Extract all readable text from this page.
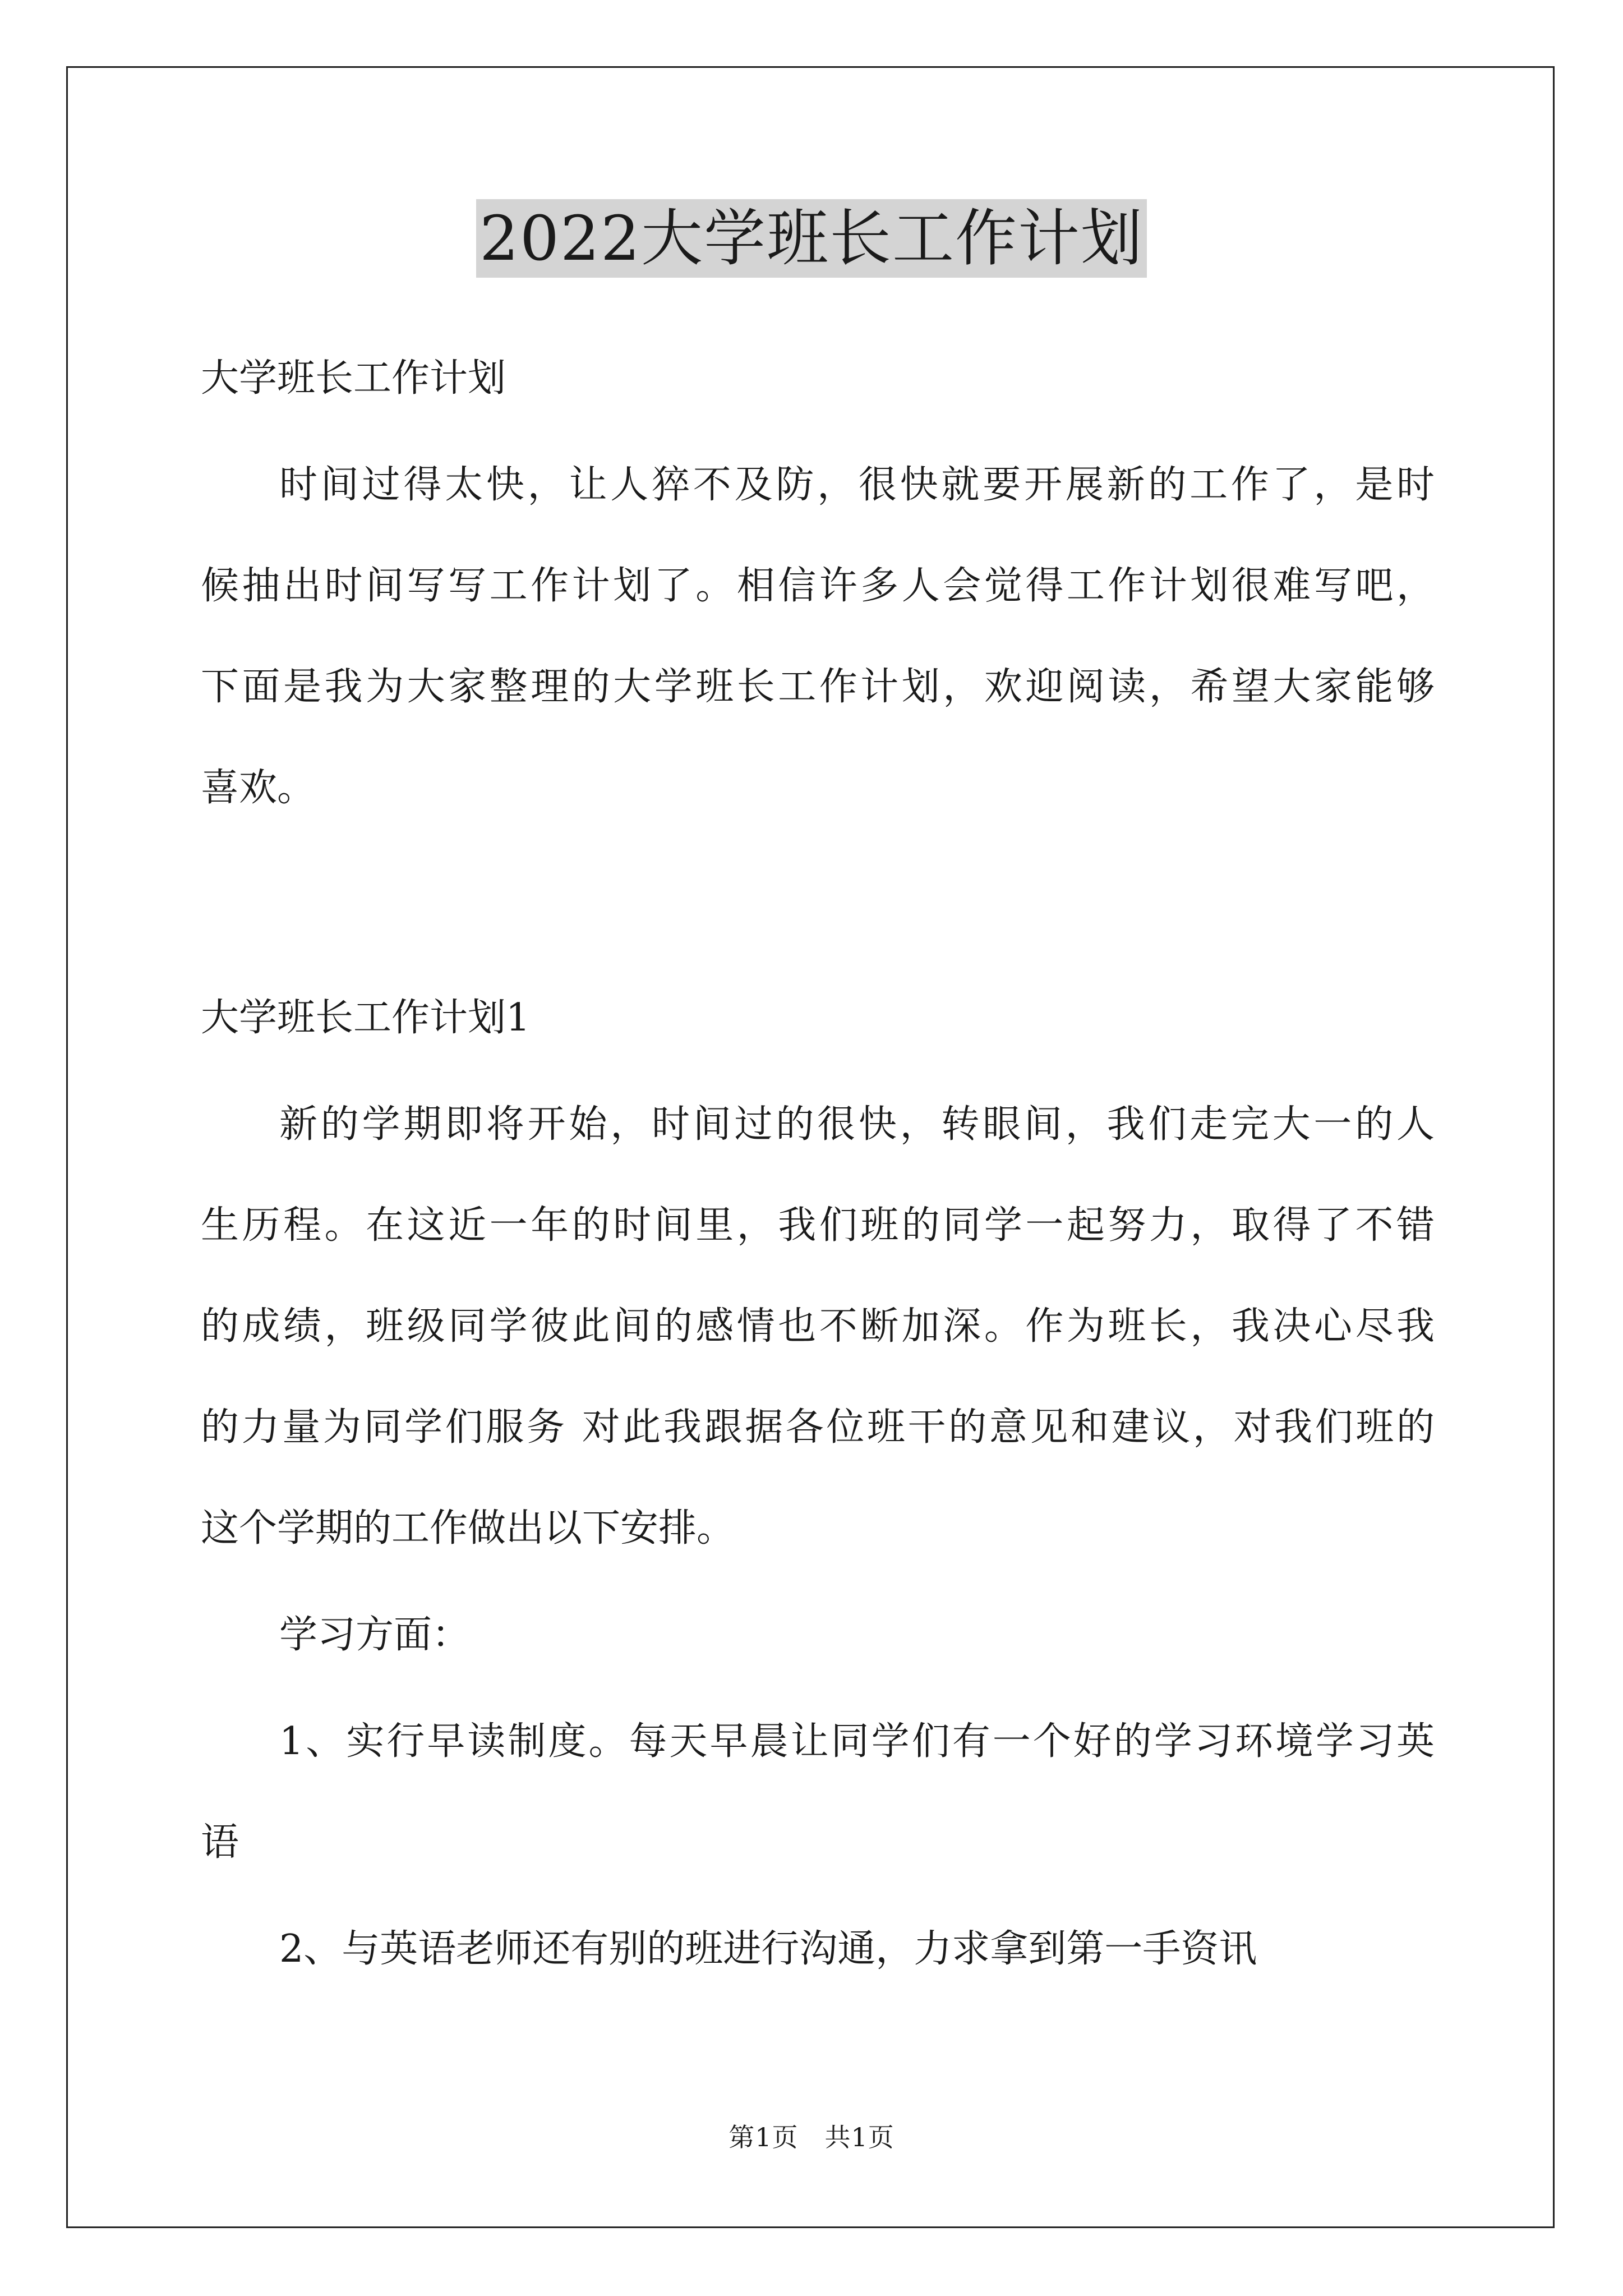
2022大学班长工作计划
大学班长工作计划
时间过得太快，让人猝不及防，很快就要开展新的工作了，是时
候抽出时间写写工作计划了。相信许多人会觉得工作计划很难写吧，
下面是我为大家整理的大学班长工作计划，欢迎阅读，希望大家能够
喜欢。
大学班长工作计划1
新的学期即将开始，时间过的很快，转眼间，我们走完大一的人
生历程。在这近一年的时间里，我们班的同学一起努力，取得了不错
的成绩，班级同学彼此间的感情也不断加深。作为班长，我决心尽我
的力量为同学们服务 对此我跟据各位班干的意见和建议，对我们班的
这个学期的工作做出以下安排。
学习方面：
1、实行早读制度。每天早晨让同学们有一个好的学习环境学习英
语
2、与英语老师还有别的班进行沟通，力求拿到第一手资讯
第1页　共1页
